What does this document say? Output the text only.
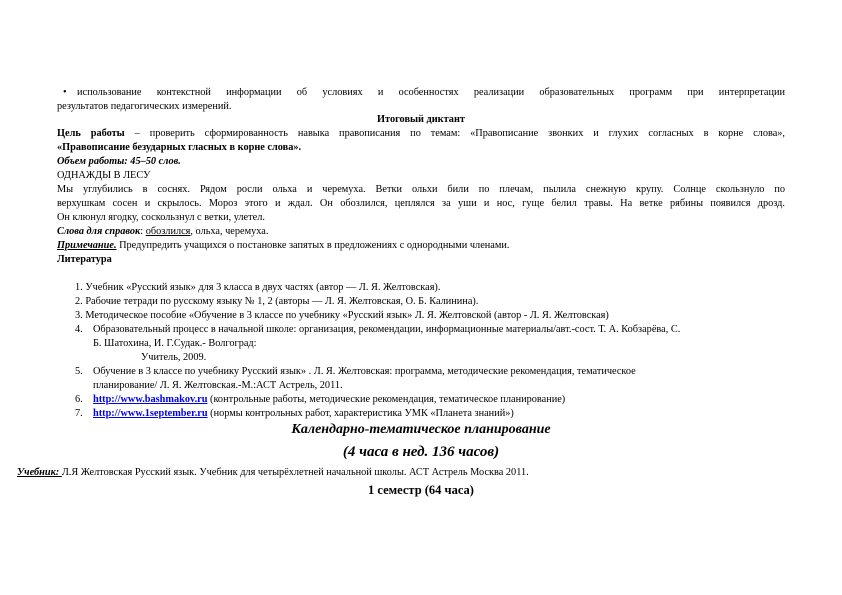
• использование контекстной информации об условиях и особенностях реализации образовательных программ при интерпретации
результатов педагогических измерений.
Итоговый диктант
Цель работы – проверить сформированность навыка правописания по темам: «Правописание звонких и глухих согласных в корне слова»,
«Правописание безударных гласных в корне слова».
Объем работы: 45–50 слов.
ОДНАЖДЫ В ЛЕСУ
Мы углубились в соснях. Рядом росли ольха и черемуха. Ветки ольхи били по плечам, пылила снежную крупу. Солнце скользнуло по
верхушкам сосен и скрылось. Мороз этого и ждал. Он обозлился, цеплялся за уши и нос, гуще белил травы. На ветке рябины появился дрозд.
Он клюнул ягодку, соскользнул с ветки, улетел.
Слова для справок: обозлился, ольха, черемуха.
Примечание. Предупредить учащихся о постановке запятых в предложениях с однородными членами.
Литература
1. Учебник «Русский язык» для 3 класса в двух частях (автор — Л. Я. Желтовская).
2. Рабочие тетради по русскому языку № 1, 2 (авторы — Л. Я. Желтовская, О. Б. Калинина).
3. Методическое пособие «Обучение в 3 классе по учебнику «Русский язык» Л. Я. Желтовской (автор - Л. Я. Желтовская)
4. Образовательный процесс в начальной школе: организация, рекомендации, информационные материалы/авт.-сост. Т. А. Кобзарёва, С.
Б. Шатохина, И. Г.Судак.- Волгоград:
Учитель, 2009.
5. Обучение в 3 классе по учебнику Русский язык» . Л. Я. Желтовская: программа, методические рекомендация, тематическое
планирование/ Л. Я. Желтовская.-М.:АСТ Астрель, 2011.
6. http://www.bashmakov.ru (контрольные работы, методические рекомендация, тематическое планирование)
7. http://www.1september.ru (нормы контрольных работ, характеристика УМК «Планета знаний»)
Календарно-тематическое планирование
(4 часа в нед. 136 часов)
Учебник: Л.Я Желтовская Русский язык. Учебник для четырёхлетней начальной школы. АСТ Астрель Москва 2011.
1 семестр (64 часа)
